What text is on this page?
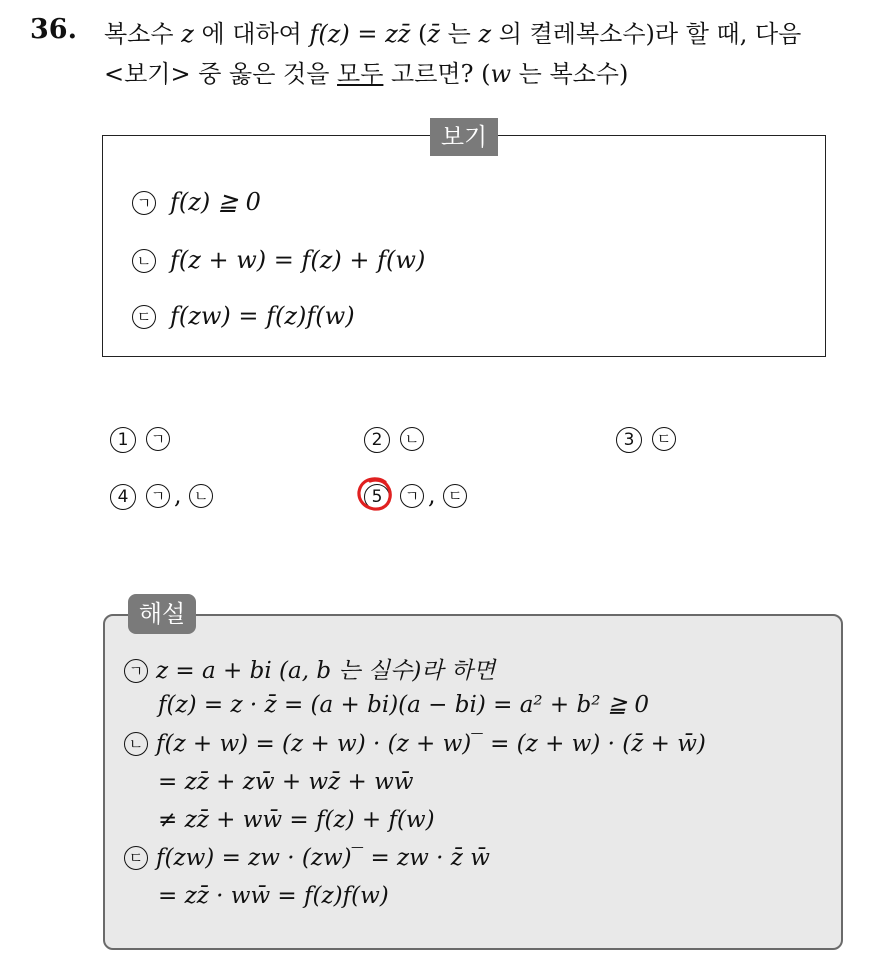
36. 복소수 z 에 대하여 f(z) = zz̄ (z̄ 는 z 의 켤레복소수)라 할 때, 다음
<보기> 중 옳은 것을 모두 고르면? (w 는 복소수)
보기
ㄱ f(z) ≧ 0
ㄴ f(z + w) = f(z) + f(w)
ㄷ f(zw) = f(z)f(w)
1 ㄱ	2 ㄴ	3 ㄷ
4 ㄱ , ㄴ	5 ㄱ , ㄷ
해설
ㄱ z = a + bi (a, b 는 실수)라 하면
f(z) = z · z̄ = (a + bi)(a − bi) = a² + b² ≧ 0
ㄴ f(z + w) = (z + w) · (z + w)‾ = (z + w) · (z̄ + w̄)
= zz̄ + zw̄ + wz̄ + ww̄
≠ zz̄ + ww̄ = f(z) + f(w)
ㄷ f(zw) = zw · (zw)‾ = zw · z̄ w̄
= zz̄ · ww̄ = f(z)f(w)
